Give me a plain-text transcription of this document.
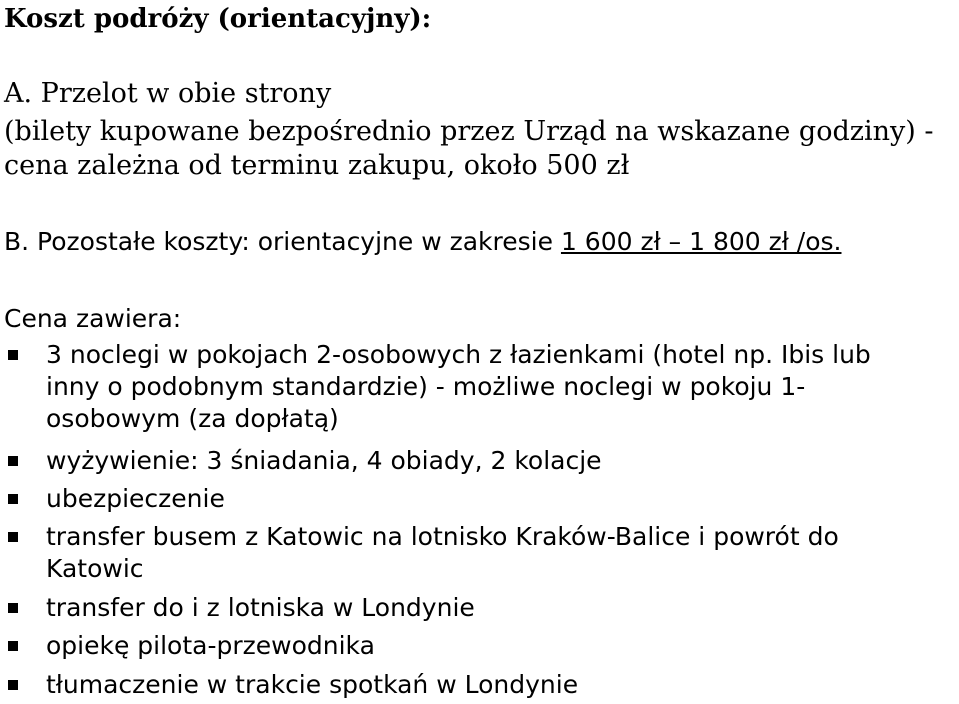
Koszt podróży (orientacyjny):
A. Przelot w obie strony
(bilety kupowane bezpośrednio przez Urząd na wskazane godziny) -
cena zależna od terminu zakupu, około 500 zł
B. Pozostałe koszty: orientacyjne w zakresie 1 600 zł – 1 800 zł /os.
Cena zawiera:
3 noclegi w pokojach 2-osobowych z łazienkami (hotel np. Ibis lub
inny o podobnym standardzie) - możliwe noclegi w pokoju 1-
osobowym (za dopłatą)
wyżywienie: 3 śniadania, 4 obiady, 2 kolacje
ubezpieczenie
transfer busem z Katowic na lotnisko Kraków-Balice i powrót do
Katowic
transfer do i z lotniska w Londynie
opiekę pilota-przewodnika
tłumaczenie w trakcie spotkań w Londynie
